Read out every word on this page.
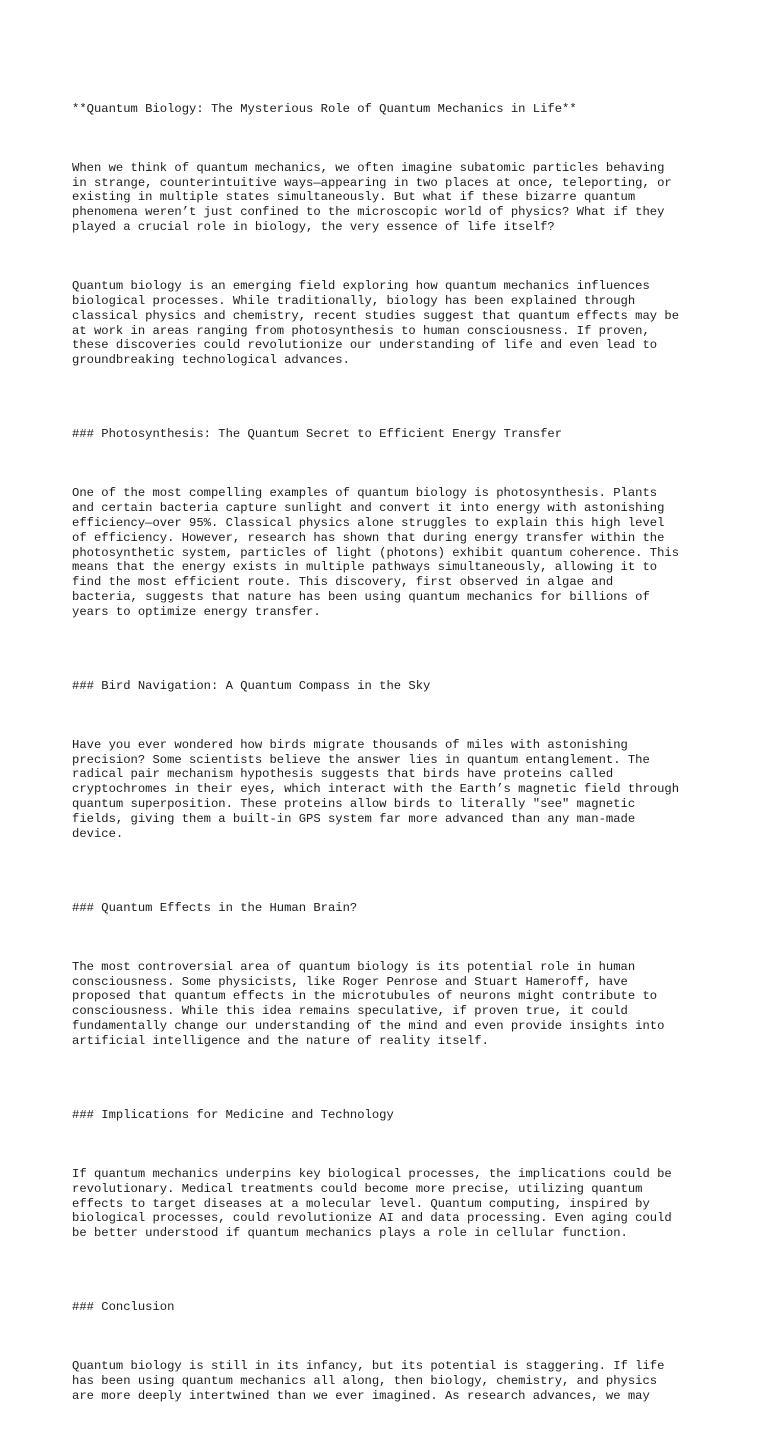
**Quantum Biology: The Mysterious Role of Quantum Mechanics in Life**

When we think of quantum mechanics, we often imagine subatomic particles behaving
in strange, counterintuitive ways—appearing in two places at once, teleporting, or
existing in multiple states simultaneously. But what if these bizarre quantum
phenomena weren’t just confined to the microscopic world of physics? What if they
played a crucial role in biology, the very essence of life itself?

Quantum biology is an emerging field exploring how quantum mechanics influences
biological processes. While traditionally, biology has been explained through
classical physics and chemistry, recent studies suggest that quantum effects may be
at work in areas ranging from photosynthesis to human consciousness. If proven,
these discoveries could revolutionize our understanding of life and even lead to
groundbreaking technological advances.

### Photosynthesis: The Quantum Secret to Efficient Energy Transfer

One of the most compelling examples of quantum biology is photosynthesis. Plants
and certain bacteria capture sunlight and convert it into energy with astonishing
efficiency—over 95%. Classical physics alone struggles to explain this high level
of efficiency. However, research has shown that during energy transfer within the
photosynthetic system, particles of light (photons) exhibit quantum coherence. This
means that the energy exists in multiple pathways simultaneously, allowing it to
find the most efficient route. This discovery, first observed in algae and
bacteria, suggests that nature has been using quantum mechanics for billions of
years to optimize energy transfer.

### Bird Navigation: A Quantum Compass in the Sky

Have you ever wondered how birds migrate thousands of miles with astonishing
precision? Some scientists believe the answer lies in quantum entanglement. The
radical pair mechanism hypothesis suggests that birds have proteins called
cryptochromes in their eyes, which interact with the Earth’s magnetic field through
quantum superposition. These proteins allow birds to literally "see" magnetic
fields, giving them a built-in GPS system far more advanced than any man-made
device.

### Quantum Effects in the Human Brain?

The most controversial area of quantum biology is its potential role in human
consciousness. Some physicists, like Roger Penrose and Stuart Hameroff, have
proposed that quantum effects in the microtubules of neurons might contribute to
consciousness. While this idea remains speculative, if proven true, it could
fundamentally change our understanding of the mind and even provide insights into
artificial intelligence and the nature of reality itself.

### Implications for Medicine and Technology

If quantum mechanics underpins key biological processes, the implications could be
revolutionary. Medical treatments could become more precise, utilizing quantum
effects to target diseases at a molecular level. Quantum computing, inspired by
biological processes, could revolutionize AI and data processing. Even aging could
be better understood if quantum mechanics plays a role in cellular function.

### Conclusion

Quantum biology is still in its infancy, but its potential is staggering. If life
has been using quantum mechanics all along, then biology, chemistry, and physics
are more deeply intertwined than we ever imagined. As research advances, we may
